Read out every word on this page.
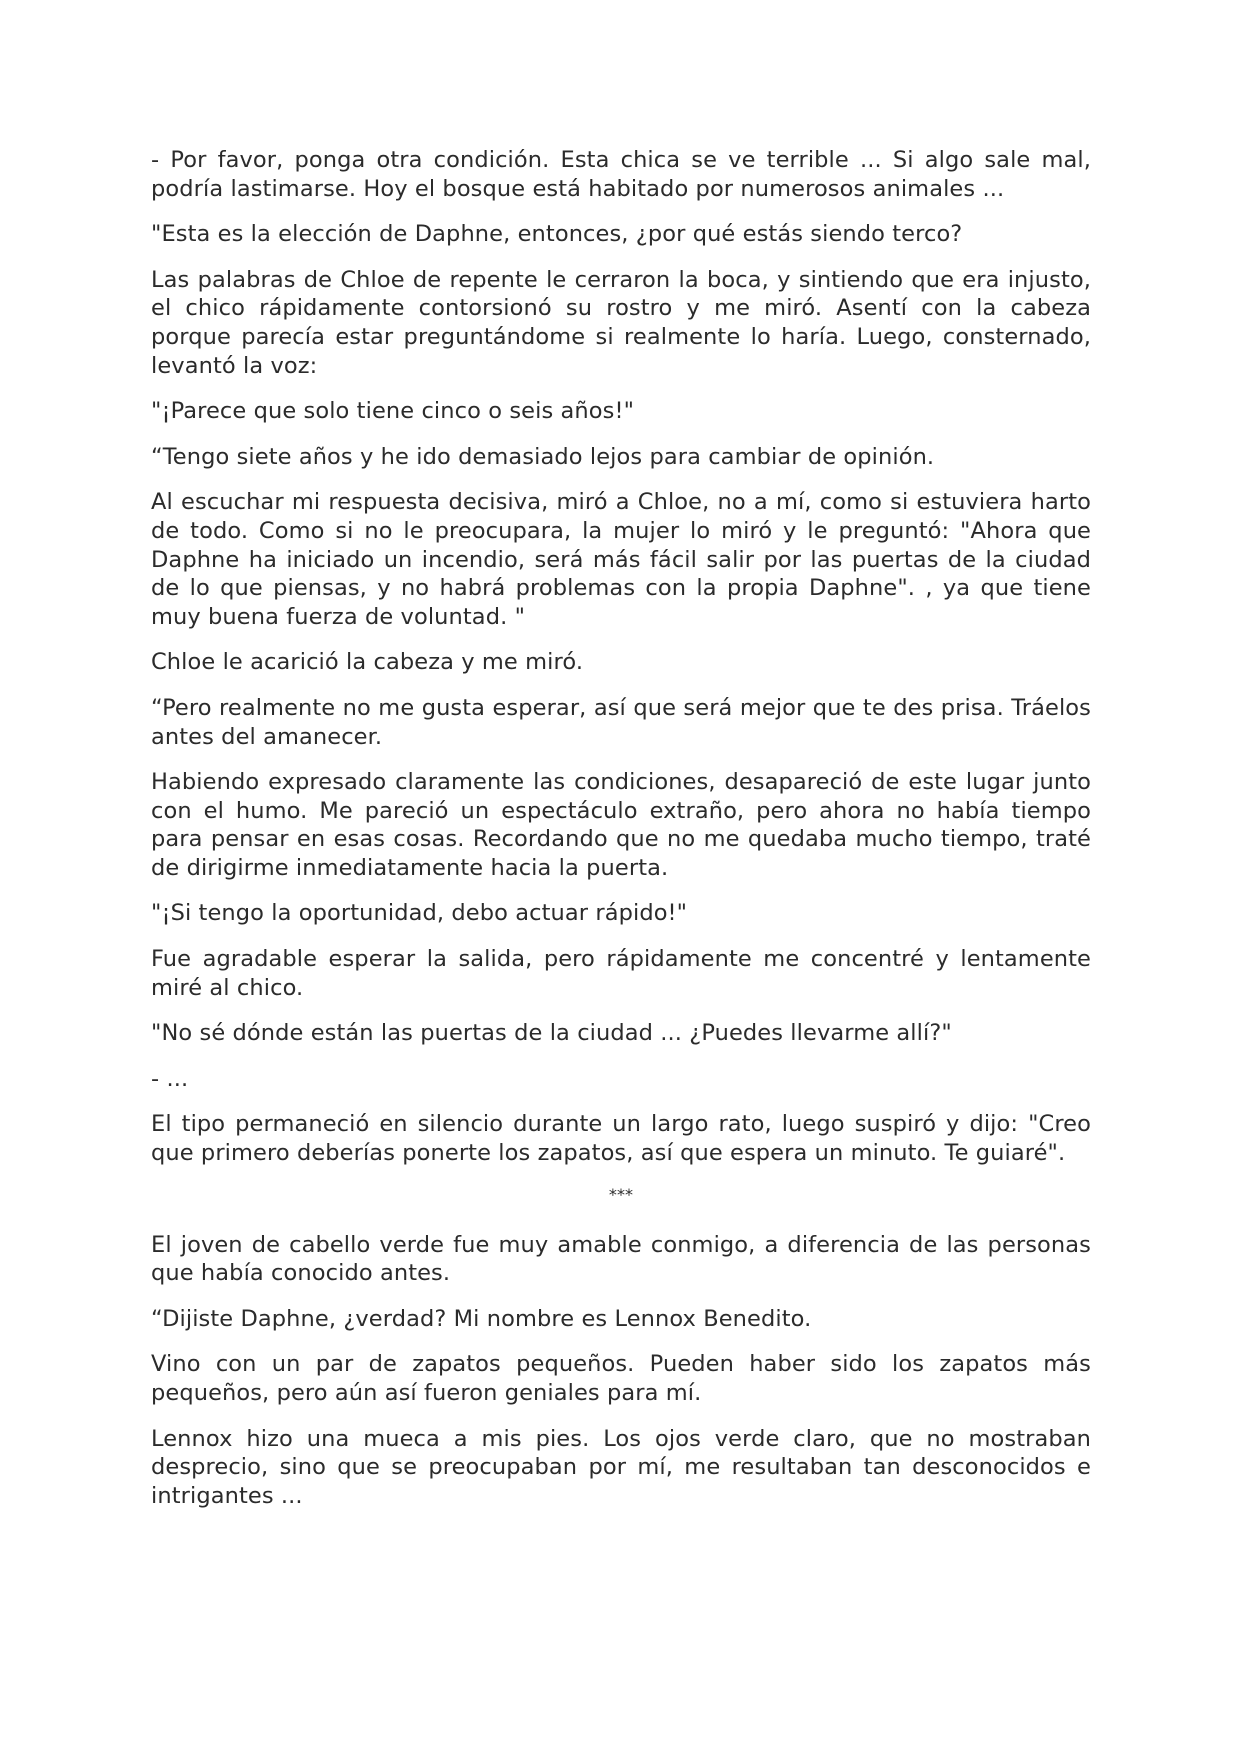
- Por favor, ponga otra condición. Esta chica se ve terrible ... Si algo sale mal, podría lastimarse. Hoy el bosque está habitado por numerosos animales ...

"Esta es la elección de Daphne, entonces, ¿por qué estás siendo terco?

Las palabras de Chloe de repente le cerraron la boca, y sintiendo que era injusto, el chico rápidamente contorsionó su rostro y me miró. Asentí con la cabeza porque parecía estar preguntándome si realmente lo haría. Luego, consternado, levantó la voz:

"¡Parece que solo tiene cinco o seis años!"

“Tengo siete años y he ido demasiado lejos para cambiar de opinión.

Al escuchar mi respuesta decisiva, miró a Chloe, no a mí, como si estuviera harto de todo. Como si no le preocupara, la mujer lo miró y le preguntó: "Ahora que Daphne ha iniciado un incendio, será más fácil salir por las puertas de la ciudad de lo que piensas, y no habrá problemas con la propia Daphne". , ya que tiene muy buena fuerza de voluntad. "

Chloe le acarició la cabeza y me miró.

“Pero realmente no me gusta esperar, así que será mejor que te des prisa. Tráelos antes del amanecer.

Habiendo expresado claramente las condiciones, desapareció de este lugar junto con el humo. Me pareció un espectáculo extraño, pero ahora no había tiempo para pensar en esas cosas. Recordando que no me quedaba mucho tiempo, traté de dirigirme inmediatamente hacia la puerta.

"¡Si tengo la oportunidad, debo actuar rápido!"

Fue agradable esperar la salida, pero rápidamente me concentré y lentamente miré al chico.

"No sé dónde están las puertas de la ciudad ... ¿Puedes llevarme allí?"

- ...

El tipo permaneció en silencio durante un largo rato, luego suspiró y dijo: "Creo que primero deberías ponerte los zapatos, así que espera un minuto. Te guiaré".

***

El joven de cabello verde fue muy amable conmigo, a diferencia de las personas que había conocido antes.

“Dijiste Daphne, ¿verdad? Mi nombre es Lennox Benedito.

Vino con un par de zapatos pequeños. Pueden haber sido los zapatos más pequeños, pero aún así fueron geniales para mí.

Lennox hizo una mueca a mis pies. Los ojos verde claro, que no mostraban desprecio, sino que se preocupaban por mí, me resultaban tan desconocidos e intrigantes ...
